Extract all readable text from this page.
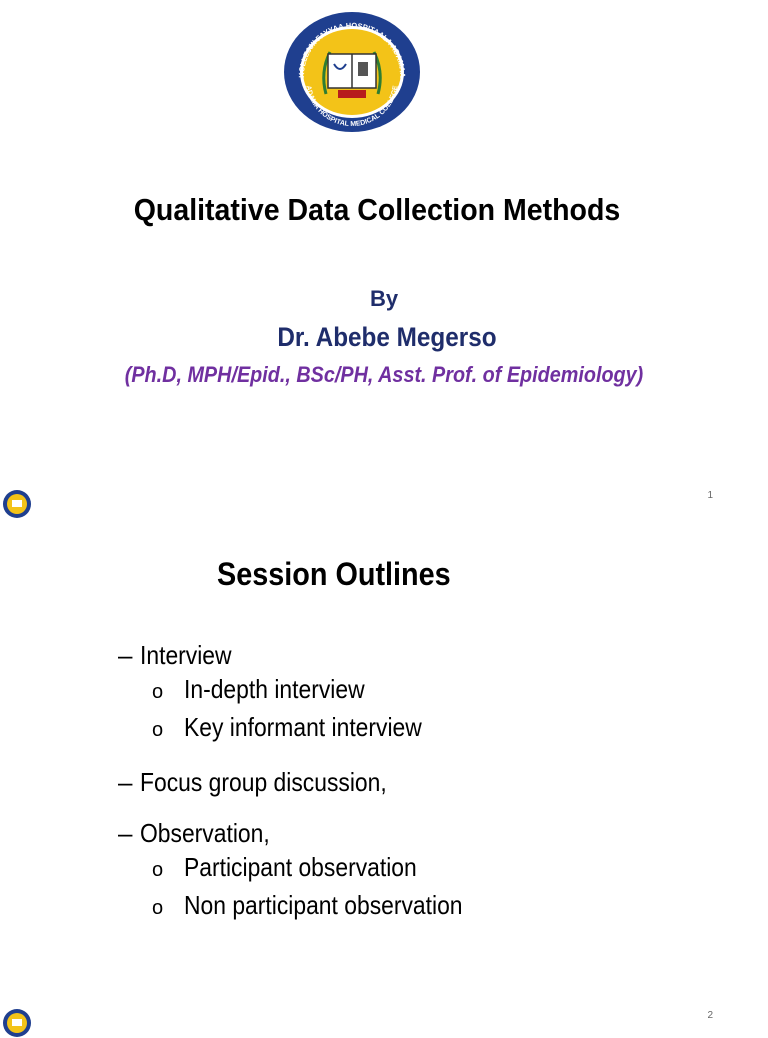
KOLLEJJII FAYYAA HOSPITAALA ADAMAA
ADAMA HOSPITAL MEDICAL COLLEGE
Qualitative Data Collection Methods
By
Dr. Abebe Megerso
(Ph.D, MPH/Epid., BSc/PH, Asst. Prof. of Epidemiology)
1
Session Outlines
– Interview
o In-depth interview
o Key informant interview
– Focus group discussion,
– Observation,
o Participant observation
o Non participant observation
2
